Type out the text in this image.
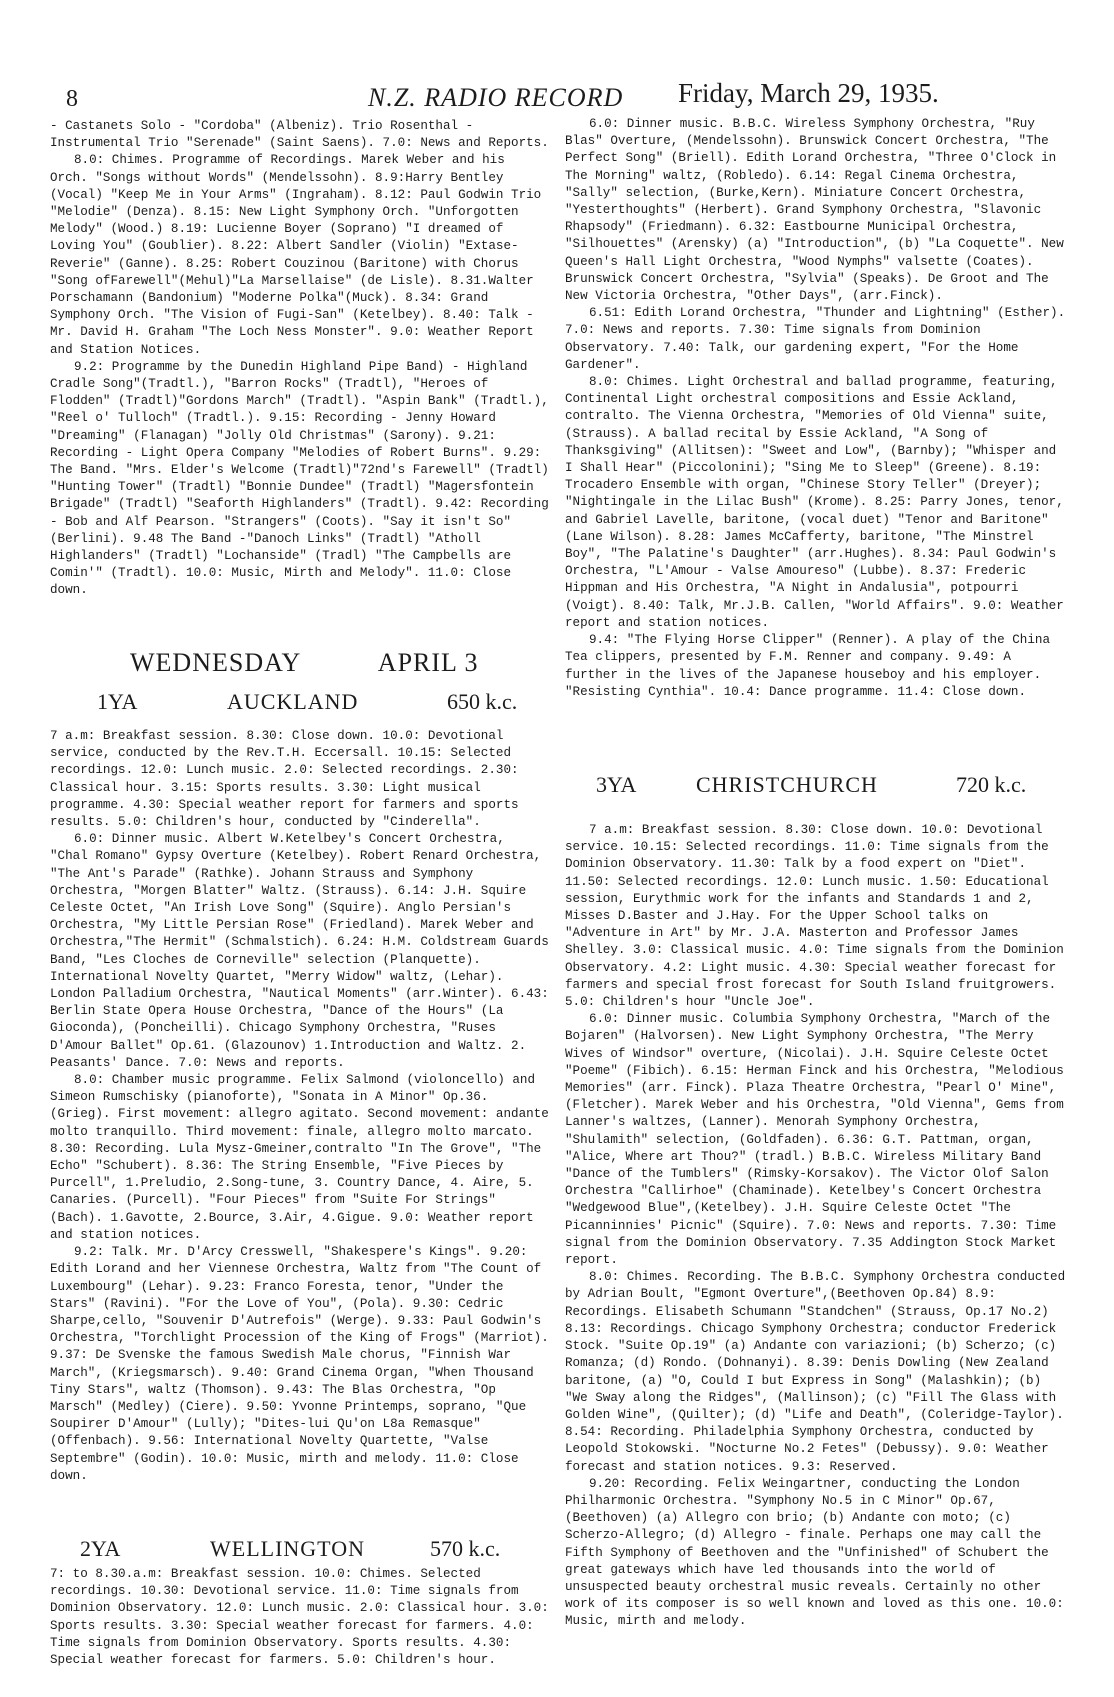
8	N.Z. RADIO RECORD Friday, March 29, 1935.

- Castanets Solo - "Cordoba" (Albeniz). Trio Rosenthal - Instrumental Trio "Serenade" (Saint Saens). 7.0: News and Reports.

8.0: Chimes. Programme of Recordings. Marek Weber and his Orch. "Songs without Words" (Mendelssohn). 8.9:Harry Bentley (Vocal) "Keep Me in Your Arms" (Ingraham). 8.12: Paul Godwin Trio "Melodie" (Denza). 8.15: New Light Symphony Orch. "Unforgotten Melody" (Wood.) 8.19: Lucienne Boyer (Soprano) "I dreamed of Loving You" (Goublier). 8.22: Albert Sandler (Violin) "Extase- Reverie" (Ganne). 8.25: Robert Couzinou (Baritone) with Chorus "Song ofFarewell"(Mehul)"La Marsellaise" (de Lisle). 8.31.Walter Porschamann (Bandonium) "Moderne Polka"(Muck). 8.34: Grand Symphony Orch. "The Vision of Fugi-San" (Ketelbey). 8.40: Talk - Mr. David H. Graham "The Loch Ness Monster". 9.0: Weather Report and Station Notices.

9.2: Programme by the Dunedin Highland Pipe Band) - Highland Cradle Song"(Tradtl.), "Barron Rocks" (Tradtl), "Heroes of Flodden" (Tradtl)"Gordons March" (Tradtl). "Aspin Bank" (Tradtl.), "Reel o' Tulloch" (Tradtl.). 9.15: Recording - Jenny Howard "Dreaming" (Flanagan) "Jolly Old Christmas" (Sarony). 9.21: Recording - Light Opera Company "Melodies of Robert Burns". 9.29: The Band. "Mrs. Elder's Welcome (Tradtl)"72nd's Farewell" (Tradtl) "Hunting Tower" (Tradtl) "Bonnie Dundee" (Tradtl) "Magersfontein Brigade" (Tradtl) "Seaforth Highlanders" (Tradtl). 9.42: Recording - Bob and Alf Pearson. "Strangers" (Coots). "Say it isn't So" (Berlini). 9.48 The Band -"Danoch Links" (Tradtl) "Atholl Highlanders" (Tradtl) "Lochanside" (Tradl) "The Campbells are Comin'" (Tradtl). 10.0: Music, Mirth and Melody". 11.0: Close down.

WEDNESDAY	APRIL 3
1YA	AUCKLAND	650 k.c.

7 a.m: Breakfast session. 8.30: Close down. 10.0: Devotional service, conducted by the Rev.T.H. Eccersall. 10.15: Selected recordings. 12.0: Lunch music. 2.0: Selected recordings. 2.30: Classical hour. 3.15: Sports results. 3.30: Light musical programme. 4.30: Special weather report for farmers and sports results. 5.0: Children's hour, conducted by "Cinderella".

6.0: Dinner music. Albert W.Ketelbey's Concert Orchestra, "Chal Romano" Gypsy Overture (Ketelbey). Robert Renard Orchestra, "The Ant's Parade" (Rathke). Johann Strauss and Symphony Orchestra, "Morgen Blatter" Waltz. (Strauss). 6.14: J.H. Squire Celeste Octet, "An Irish Love Song" (Squire). Anglo Persian's Orchestra, "My Little Persian Rose" (Friedland). Marek Weber and Orchestra,"The Hermit" (Schmalstich). 6.24: H.M. Coldstream Guards Band, "Les Cloches de Corneville" selection (Planquette). International Novelty Quartet, "Merry Widow" waltz, (Lehar). London Palladium Orchestra, "Nautical Moments" (arr.Winter). 6.43: Berlin State Opera House Orchestra, "Dance of the Hours" (La Gioconda), (Poncheilli). Chicago Symphony Orchestra, "Ruses D'Amour Ballet" Op.61. (Glazounov) 1.Introduction and Waltz. 2. Peasants' Dance. 7.0: News and reports.

8.0: Chamber music programme. Felix Salmond (violoncello) and Simeon Rumschisky (pianoforte), "Sonata in A Minor" Op.36. (Grieg). First movement: allegro agitato. Second movement: andante molto tranquillo. Third movement: finale, allegro molto marcato. 8.30: Recording. Lula Mysz-Gmeiner,contralto "In The Grove", "The Echo" "Schubert). 8.36: The String Ensemble, "Five Pieces by Purcell", 1.Preludio, 2.Song-tune, 3. Country Dance, 4. Aire, 5. Canaries. (Purcell). "Four Pieces" from "Suite For Strings" (Bach). 1.Gavotte, 2.Bource, 3.Air, 4.Gigue. 9.0: Weather report and station notices.

9.2: Talk. Mr. D'Arcy Cresswell, "Shakespere's Kings". 9.20: Edith Lorand and her Viennese Orchestra, Waltz from "The Count of Luxembourg" (Lehar). 9.23: Franco Foresta, tenor, "Under the Stars" (Ravini). "For the Love of You", (Pola). 9.30: Cedric Sharpe,cello, "Souvenir D'Autrefois" (Werge). 9.33: Paul Godwin's Orchestra, "Torchlight Procession of the King of Frogs" (Marriot). 9.37: De Svenske the famous Swedish Male chorus, "Finnish War March", (Kriegsmarsch). 9.40: Grand Cinema Organ, "When Thousand Tiny Stars", waltz (Thomson). 9.43: The Blas Orchestra, "Op Marsch" (Medley) (Ciere). 9.50: Yvonne Printemps, soprano, "Que Soupirer D'Amour" (Lully); "Dites-lui Qu'on L8a Remasque" (Offenbach). 9.56: International Novelty Quartette, "Valse Septembre" (Godin). 10.0: Music, mirth and melody. 11.0: Close down.

2YA	WELLINGTON	570 k.c.

7: to 8.30.a.m: Breakfast session. 10.0: Chimes. Selected recordings. 10.30: Devotional service. 11.0: Time signals from Dominion Observatory. 12.0: Lunch music. 2.0: Classical hour. 3.0: Sports results. 3.30: Special weather forecast for farmers. 4.0: Time signals from Dominion Observatory. Sports results. 4.30: Special weather forecast for farmers. 5.0: Children's hour.

6.0: Dinner music. B.B.C. Wireless Symphony Orchestra, "Ruy Blas" Overture, (Mendelssohn). Brunswick Concert Orchestra, "The Perfect Song" (Briell). Edith Lorand Orchestra, "Three O'Clock in The Morning" waltz, (Robledo). 6.14: Regal Cinema Orchestra, "Sally" selection, (Burke,Kern). Miniature Concert Orchestra, "Yesterthoughts" (Herbert). Grand Symphony Orchestra, "Slavonic Rhapsody" (Friedmann). 6.32: Eastbourne Municipal Orchestra, "Silhouettes" (Arensky) (a) "Introduction", (b) "La Coquette". New Queen's Hall Light Orchestra, "Wood Nymphs" valsette (Coates). Brunswick Concert Orchestra, "Sylvia" (Speaks). De Groot and The New Victoria Orchestra, "Other Days", (arr.Finck).

6.51: Edith Lorand Orchestra, "Thunder and Lightning" (Esther). 7.0: News and reports. 7.30: Time signals from Dominion Observatory. 7.40: Talk, our gardening expert, "For the Home Gardener".

8.0: Chimes. Light Orchestral and ballad programme, featuring, Continental Light orchestral compositions and Essie Ackland, contralto. The Vienna Orchestra, "Memories of Old Vienna" suite, (Strauss). A ballad recital by Essie Ackland, "A Song of Thanksgiving" (Allitsen): "Sweet and Low", (Barnby); "Whisper and I Shall Hear" (Piccolonini); "Sing Me to Sleep" (Greene). 8.19: Trocadero Ensemble with organ, "Chinese Story Teller" (Dreyer); "Nightingale in the Lilac Bush" (Krome). 8.25: Parry Jones, tenor, and Gabriel Lavelle, baritone, (vocal duet) "Tenor and Baritone" (Lane Wilson). 8.28: James McCafferty, baritone, "The Minstrel Boy", "The Palatine's Daughter" (arr.Hughes). 8.34: Paul Godwin's Orchestra, "L'Amour - Valse Amoureso" (Lubbe). 8.37: Frederic Hippman and His Orchestra, "A Night in Andalusia", potpourri (Voigt). 8.40: Talk, Mr.J.B. Callen, "World Affairs". 9.0: Weather report and station notices.

9.4: "The Flying Horse Clipper" (Renner). A play of the China Tea clippers, presented by F.M. Renner and company. 9.49: A further in the lives of the Japanese houseboy and his employer. "Resisting Cynthia". 10.4: Dance programme. 11.4: Close down.

3YA	CHRISTCHURCH	720 k.c.

7 a.m: Breakfast session. 8.30: Close down. 10.0: Devotional service. 10.15: Selected recordings. 11.0: Time signals from the Dominion Observatory. 11.30: Talk by a food expert on "Diet". 11.50: Selected recordings. 12.0: Lunch music. 1.50: Educational session, Eurythmic work for the infants and Standards 1 and 2, Misses D.Baster and J.Hay. For the Upper School talks on "Adventure in Art" by Mr. J.A. Masterton and Professor James Shelley. 3.0: Classical music. 4.0: Time signals from the Dominion Observatory. 4.2: Light music. 4.30: Special weather forecast for farmers and special frost forecast for South Island fruitgrowers. 5.0: Children's hour "Uncle Joe".

6.0: Dinner music. Columbia Symphony Orchestra, "March of the Bojaren" (Halvorsen). New Light Symphony Orchestra, "The Merry Wives of Windsor" overture, (Nicolai). J.H. Squire Celeste Octet "Poeme" (Fibich). 6.15: Herman Finck and his Orchestra, "Melodious Memories" (arr. Finck). Plaza Theatre Orchestra, "Pearl O' Mine",(Fletcher). Marek Weber and his Orchestra, "Old Vienna", Gems from Lanner's waltzes, (Lanner). Menorah Symphony Orchestra, "Shulamith" selection, (Goldfaden). 6.36: G.T. Pattman, organ, "Alice, Where art Thou?" (tradl.) B.B.C. Wireless Military Band "Dance of the Tumblers" (Rimsky-Korsakov). The Victor Olof Salon Orchestra "Callirhoe" (Chaminade). Ketelbey's Concert Orchestra "Wedgewood Blue",(Ketelbey). J.H. Squire Celeste Octet "The Picanninnies' Picnic" (Squire). 7.0: News and reports. 7.30: Time signal from the Dominion Observatory. 7.35 Addington Stock Market report.

8.0: Chimes. Recording. The B.B.C. Symphony Orchestra conducted by Adrian Boult, "Egmont Overture",(Beethoven Op.84) 8.9: Recordings. Elisabeth Schumann "Standchen" (Strauss, Op.17 No.2) 8.13: Recordings. Chicago Symphony Orchestra; conductor Frederick Stock. "Suite Op.19" (a) Andante con variazioni; (b) Scherzo; (c) Romanza; (d) Rondo. (Dohnanyi). 8.39: Denis Dowling (New Zealand baritone, (a) "O, Could I but Express in Song" (Malashkin); (b) "We Sway along the Ridges", (Mallinson); (c) "Fill The Glass with Golden Wine", (Quilter); (d) "Life and Death", (Coleridge-Taylor). 8.54: Recording. Philadelphia Symphony Orchestra, conducted by Leopold Stokowski. "Nocturne No.2 Fetes" (Debussy). 9.0: Weather forecast and station notices. 9.3: Reserved.

9.20: Recording. Felix Weingartner, conducting the London Philharmonic Orchestra. "Symphony No.5 in C Minor" Op.67, (Beethoven) (a) Allegro con brio; (b) Andante con moto; (c) Scherzo-Allegro; (d) Allegro - finale. Perhaps one may call the Fifth Symphony of Beethoven and the "Unfinished" of Schubert the great gateways which have led thousands into the world of unsuspected beauty orchestral music reveals. Certainly no other work of its composer is so well known and loved as this one. 10.0: Music, mirth and melody.
